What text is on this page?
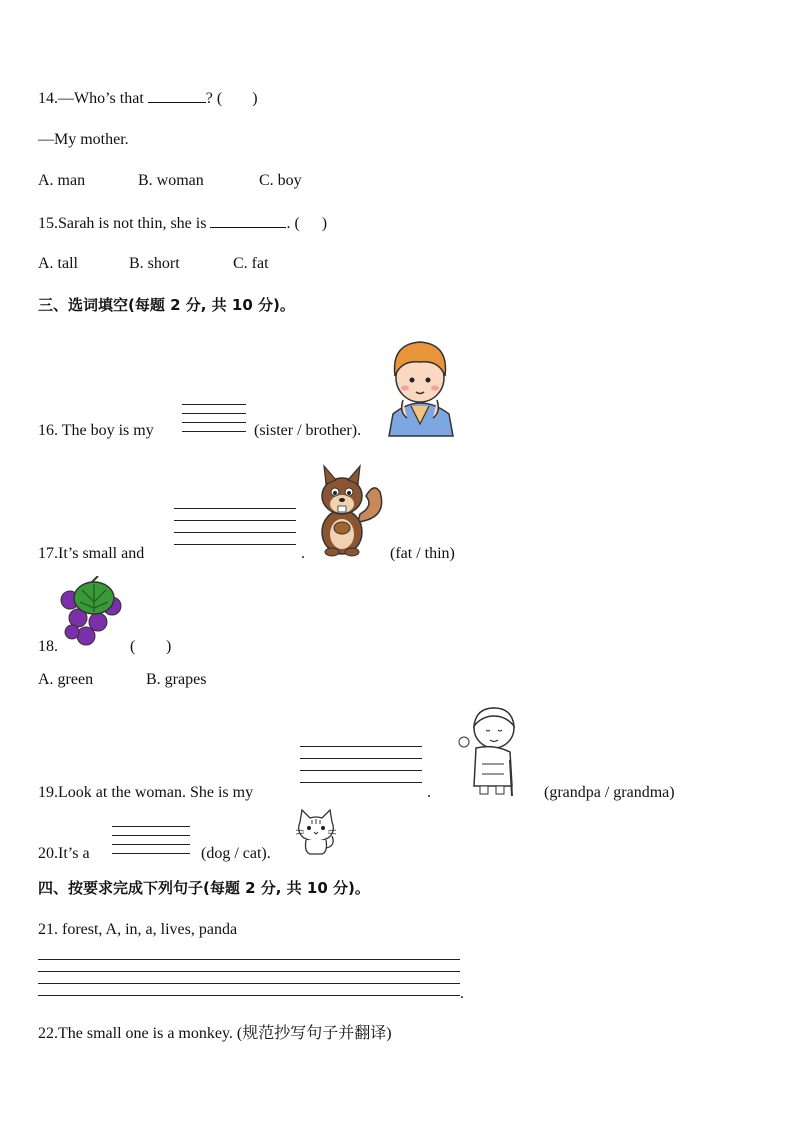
14.—Who’s that	? ( )
—My mother.
A. man	B. woman	C. boy
15.Sarah is not thin, she is	. ( )
A. tall	B. short	C. fat
三、选词填空(每题 2 分, 共 10 分)。
16. The boy is my	(sister / brother).
17.It’s small and	.	(fat / thin)
18.	( )
A. green	B. grapes
19.Look at the woman. She is my	.	(grandpa / grandma)
20.It’s a	(dog / cat).
四、按要求完成下列句子(每题 2 分, 共 10 分)。
21. forest, A, in, a, lives, panda
.
22.The small one is a monkey. (规范抄写句子并翻译)
